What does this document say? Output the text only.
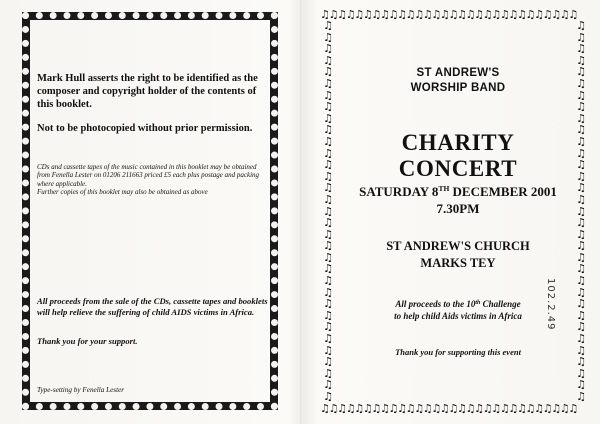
Mark Hull asserts the right to be identified as the composer and copyright holder of the contents of this booklet.
Not to be photocopied without prior permission.
CDs and cassette tapes of the music contained in this booklet may be obtained from Fenella Lester on 01206 211663 priced £5 each plus postage and packing where applicable.
Further copies of this booklet may also be obtained as above
All proceeds from the sale of the CDs, cassette tapes and booklets will help relieve the suffering of child AIDS victims in Africa.
Thank you for your support.
Type-setting by Fenella Lester
♫♫♫♫♫♫♫♫♫♫♫♫♫♫♫♫♫♫♫♫♫♫♫♫♫♫♫♫♫♫
♫♫♫♫♫♫♫♫♫♫♫♫♫♫♫♫♫♫♫♫♫♫♫♫♫♫♫♫♫♫
♫
♫
♫
♫
♫
♫
♫
♫
♫
♫
♫
♫
♫
♫
♫
♫
♫
♫
♫
♫
♫
♫
♫
♫
♫
♫
♫
♫
♫
♫
♫
♫
♫
♫
♫
♫
♫
♫
♫
♫
♫
♫
♫
♫
♫
♫
♫
♫
♫
♫
♫
♫
♫
♫
♫
♫
♫
♫
♫
♫
♫
♫
♫
♫
♫
♫
ST ANDREW'S
WORSHIP BAND
CHARITY CONCERT
SATURDAY 8TH DECEMBER 2001
7.30PM
ST ANDREW'S CHURCH
MARKS TEY
All proceeds to the 10th Challenge
to help child Aids victims in Africa
Thank you for supporting this event
102.2.49
